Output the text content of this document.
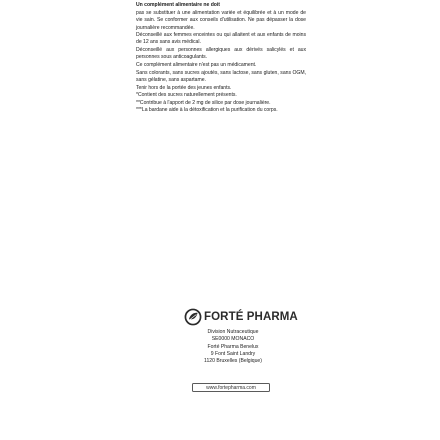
Un complément alimentaire ne doit

pas se substituer à une alimentation variée et équilibrée et à un mode de vie sain. Se conformer aux conseils d'utilisation. Ne pas dépasser la dose journalière recommandée.

Déconseillé aux femmes enceintes ou qui allaitent et aux enfants de moins de 12 ans sans avis médical.

Déconseillé aux personnes allergiques aux dérivés salicylés et aux personnes sous anticoagulants.

Ce complément alimentaire n'est pas un médicament.

Sans colorants, sans sucres ajoutés, sans lactose, sans gluten, sans OGM, sans gélatine, sans aspartame.

Tenir hors de la portée des jeunes enfants.

*Contient des sucres naturellement présents.

**Contribue à l'apport de 2 mg de silice par dose journalière.

***La bardane aide à la détoxification et la purification du corps.

FORTÉ PHARMA
Division Nutraceutique
SE0000 MONACO
Forté Pharma Benelux
9 Font Saint Landry
1120 Bruxelles (Belgique)
www.fortepharma.com
